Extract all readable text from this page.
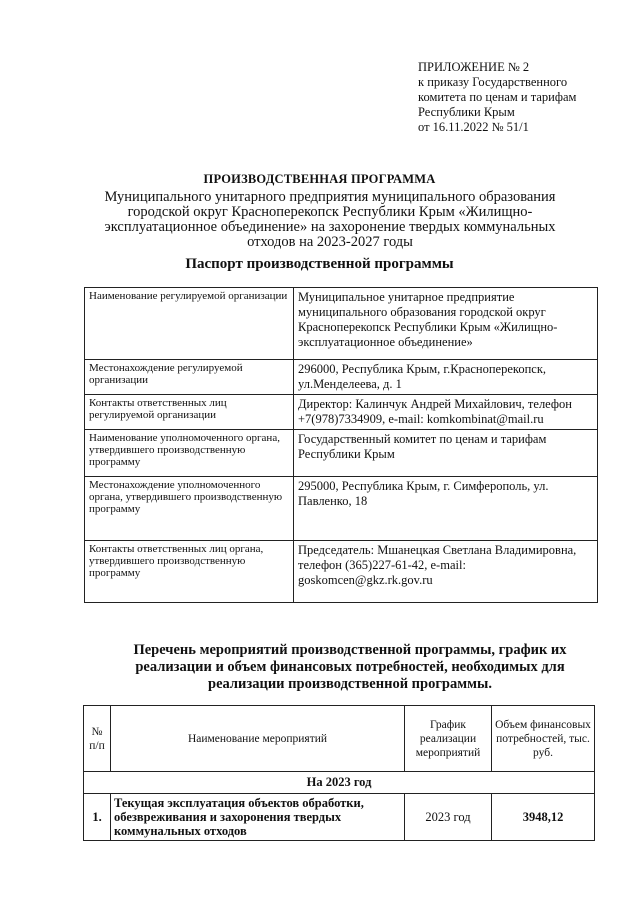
ПРИЛОЖЕНИЕ № 2
к приказу Государственного
комитета по ценам и тарифам
Республики Крым
от 16.11.2022 № 51/1
ПРОИЗВОДСТВЕННАЯ ПРОГРАММА
Муниципального унитарного предприятия муниципального образования городской округ Красноперекопск Республики Крым «Жилищно-эксплуатационное объединение» на захоронение твердых коммунальных отходов на 2023-2027 годы
Паспорт производственной программы
Наименование регулируемой организации	Муниципальное унитарное предприятие муниципального образования городской округ Красноперекопск Республики Крым «Жилищно-эксплуатационное объединение»
Местонахождение регулируемой организации	296000, Республика Крым, г.Красноперекопск, ул.Менделеева, д. 1
Контакты ответственных лиц регулируемой организации	Директор: Калинчук Андрей Михайлович, телефон +7(978)7334909, e-mail: komkombinat@mail.ru
Наименование уполномоченного органа, утвердившего производственную программу	Государственный комитет по ценам и тарифам Республики Крым
Местонахождение уполномоченного органа, утвердившего производственную программу	295000, Республика Крым, г. Симферополь, ул. Павленко, 18
Контакты ответственных лиц органа, утвердившего производственную программу	Председатель: Мшанецкая Светлана Владимировна, телефон (365)227-61-42, e-mail: goskomcen@gkz.rk.gov.ru
Перечень мероприятий производственной программы, график их реализации и объем финансовых потребностей, необходимых для реализации производственной программы.
№ п/п	Наименование мероприятий	График реализации мероприятий	Объем финансовых потребностей, тыс. руб.
На 2023 год			
1.	Текущая эксплуатация объектов обработки, обезвреживания и захоронения твердых коммунальных отходов	2023 год	3948,12
